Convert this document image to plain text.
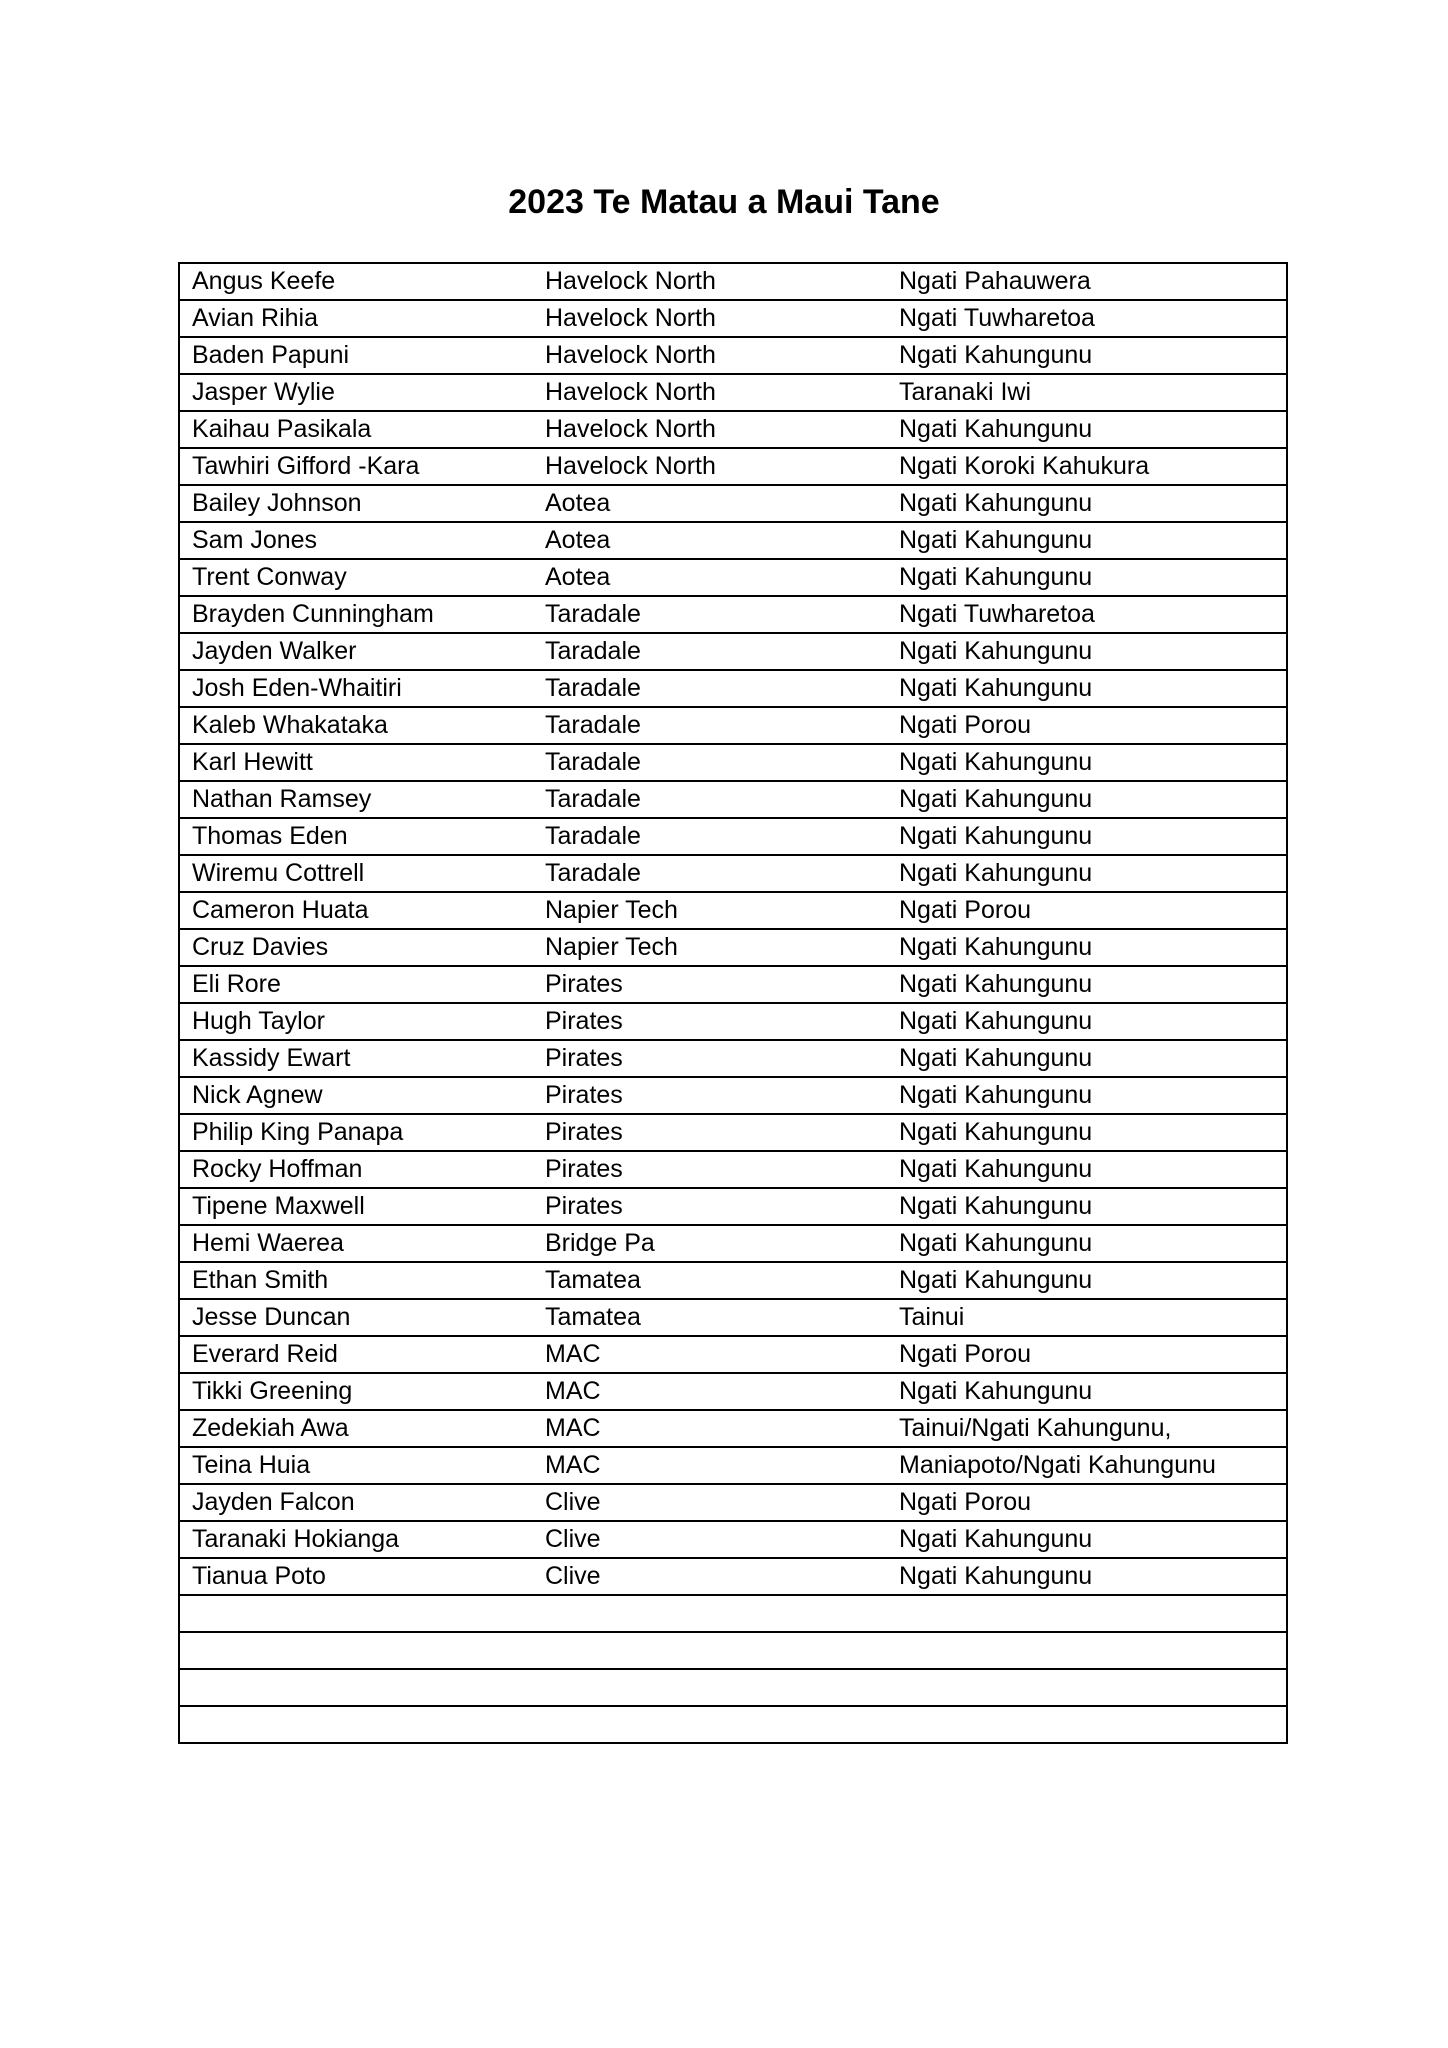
2023 Te Matau a Maui Tane
Angus Keefe	Havelock North	Ngati Pahauwera
Avian Rihia	Havelock North	Ngati Tuwharetoa
Baden Papuni	Havelock North	Ngati Kahungunu
Jasper Wylie	Havelock North	Taranaki Iwi
Kaihau Pasikala	Havelock North	Ngati Kahungunu
Tawhiri Gifford -Kara	Havelock North	Ngati Koroki Kahukura
Bailey Johnson	Aotea	Ngati Kahungunu
Sam Jones	Aotea	Ngati Kahungunu
Trent Conway	Aotea	Ngati Kahungunu
Brayden Cunningham	Taradale	Ngati Tuwharetoa
Jayden Walker	Taradale	Ngati Kahungunu
Josh Eden-Whaitiri	Taradale	Ngati Kahungunu
Kaleb Whakataka	Taradale	Ngati Porou
Karl Hewitt	Taradale	Ngati Kahungunu
Nathan Ramsey	Taradale	Ngati Kahungunu
Thomas Eden	Taradale	Ngati Kahungunu
Wiremu Cottrell	Taradale	Ngati Kahungunu
Cameron Huata	Napier Tech	Ngati Porou
Cruz Davies	Napier Tech	Ngati Kahungunu
Eli Rore	Pirates	Ngati Kahungunu
Hugh Taylor	Pirates	Ngati Kahungunu
Kassidy Ewart	Pirates	Ngati Kahungunu
Nick Agnew	Pirates	Ngati Kahungunu
Philip King Panapa	Pirates	Ngati Kahungunu
Rocky Hoffman	Pirates	Ngati Kahungunu
Tipene Maxwell	Pirates	Ngati Kahungunu
Hemi Waerea	Bridge Pa	Ngati Kahungunu
Ethan Smith	Tamatea	Ngati Kahungunu
Jesse Duncan	Tamatea	Tainui
Everard Reid	MAC	Ngati Porou
Tikki Greening	MAC	Ngati Kahungunu
Zedekiah Awa	MAC	Tainui/Ngati Kahungunu,
Teina Huia	MAC	Maniapoto/Ngati Kahungunu
Jayden Falcon	Clive	Ngati Porou
Taranaki Hokianga	Clive	Ngati Kahungunu
Tianua Poto	Clive	Ngati Kahungunu
